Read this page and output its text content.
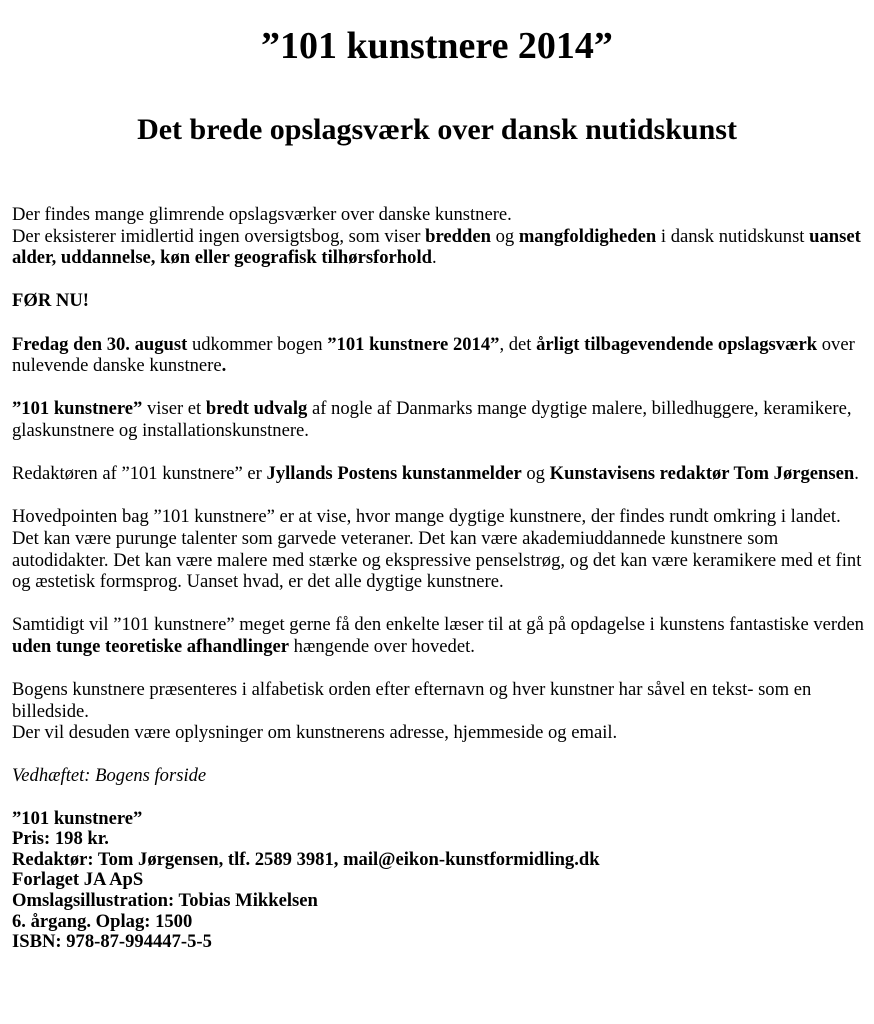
”101 kunstnere 2014”
Det brede opslagsværk over dansk nutidskunst

Der findes mange glimrende opslagsværker over danske kunstnere.
Der eksisterer imidlertid ingen oversigtsbog, som viser bredden og mangfoldigheden i dansk nutidskunst uanset alder, uddannelse, køn eller geografisk tilhørsforhold.

FØR NU!

Fredag den 30. august udkommer bogen ”101 kunstnere 2014”, det årligt tilbagevendende opslagsværk over nulevende danske kunstnere.

”101 kunstnere” viser et bredt udvalg af nogle af Danmarks mange dygtige malere, billedhuggere, keramikere, glaskunstnere og installationskunstnere.

Redaktøren af ”101 kunstnere” er Jyllands Postens kunstanmelder og Kunstavisens redaktør Tom Jørgensen.

Hovedpointen bag ”101 kunstnere” er at vise, hvor mange dygtige kunstnere, der findes rundt omkring i landet. Det kan være purunge talenter som garvede veteraner. Det kan være akademiuddannede kunstnere som autodidakter. Det kan være malere med stærke og ekspressive penselstrøg, og det kan være keramikere med et fint og æstetisk formsprog. Uanset hvad, er det alle dygtige kunstnere.

Samtidigt vil ”101 kunstnere” meget gerne få den enkelte læser til at gå på opdagelse i kunstens fantastiske verden uden tunge teoretiske afhandlinger hængende over hovedet.

Bogens kunstnere præsenteres i alfabetisk orden efter efternavn og hver kunstner har såvel en tekst- som en billedside.
Der vil desuden være oplysninger om kunstnerens adresse, hjemmeside og email.

Vedhæftet: Bogens forside

”101 kunstnere”
Pris: 198 kr.
Redaktør: Tom Jørgensen, tlf. 2589 3981, mail@eikon-kunstformidling.dk
Forlaget JA ApS
Omslagsillustration: Tobias Mikkelsen
6. årgang. Oplag: 1500
ISBN: 978-87-994447-5-5
